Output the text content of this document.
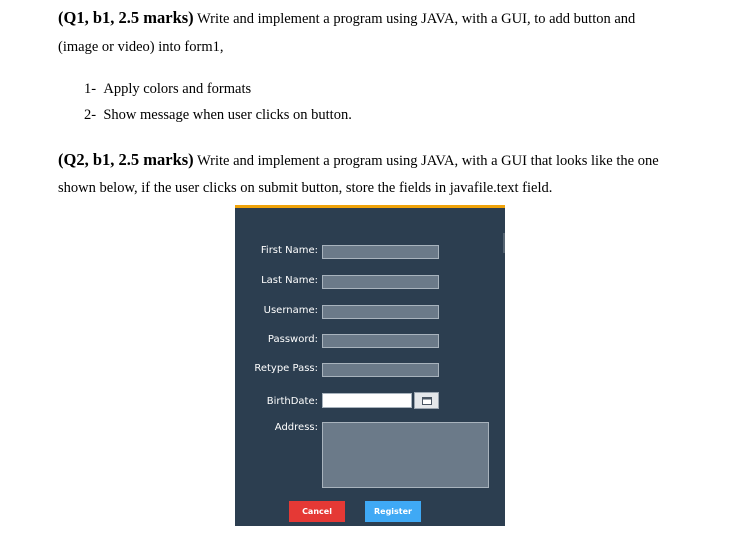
(Q1, b1, 2.5 marks) Write and implement a program using JAVA, with a GUI, to add button and

(image or video) into form1,

1- Apply colors and formats
2- Show message when user clicks on button.

(Q2, b1, 2.5 marks) Write and implement a program using JAVA, with a GUI that looks like the one

shown below, if the user clicks on submit button, store the fields in javafile.text field.

First Name:
Last Name:
Username:
Password:
Retype Pass:
BirthDate:
Address:
Cancel	Register
